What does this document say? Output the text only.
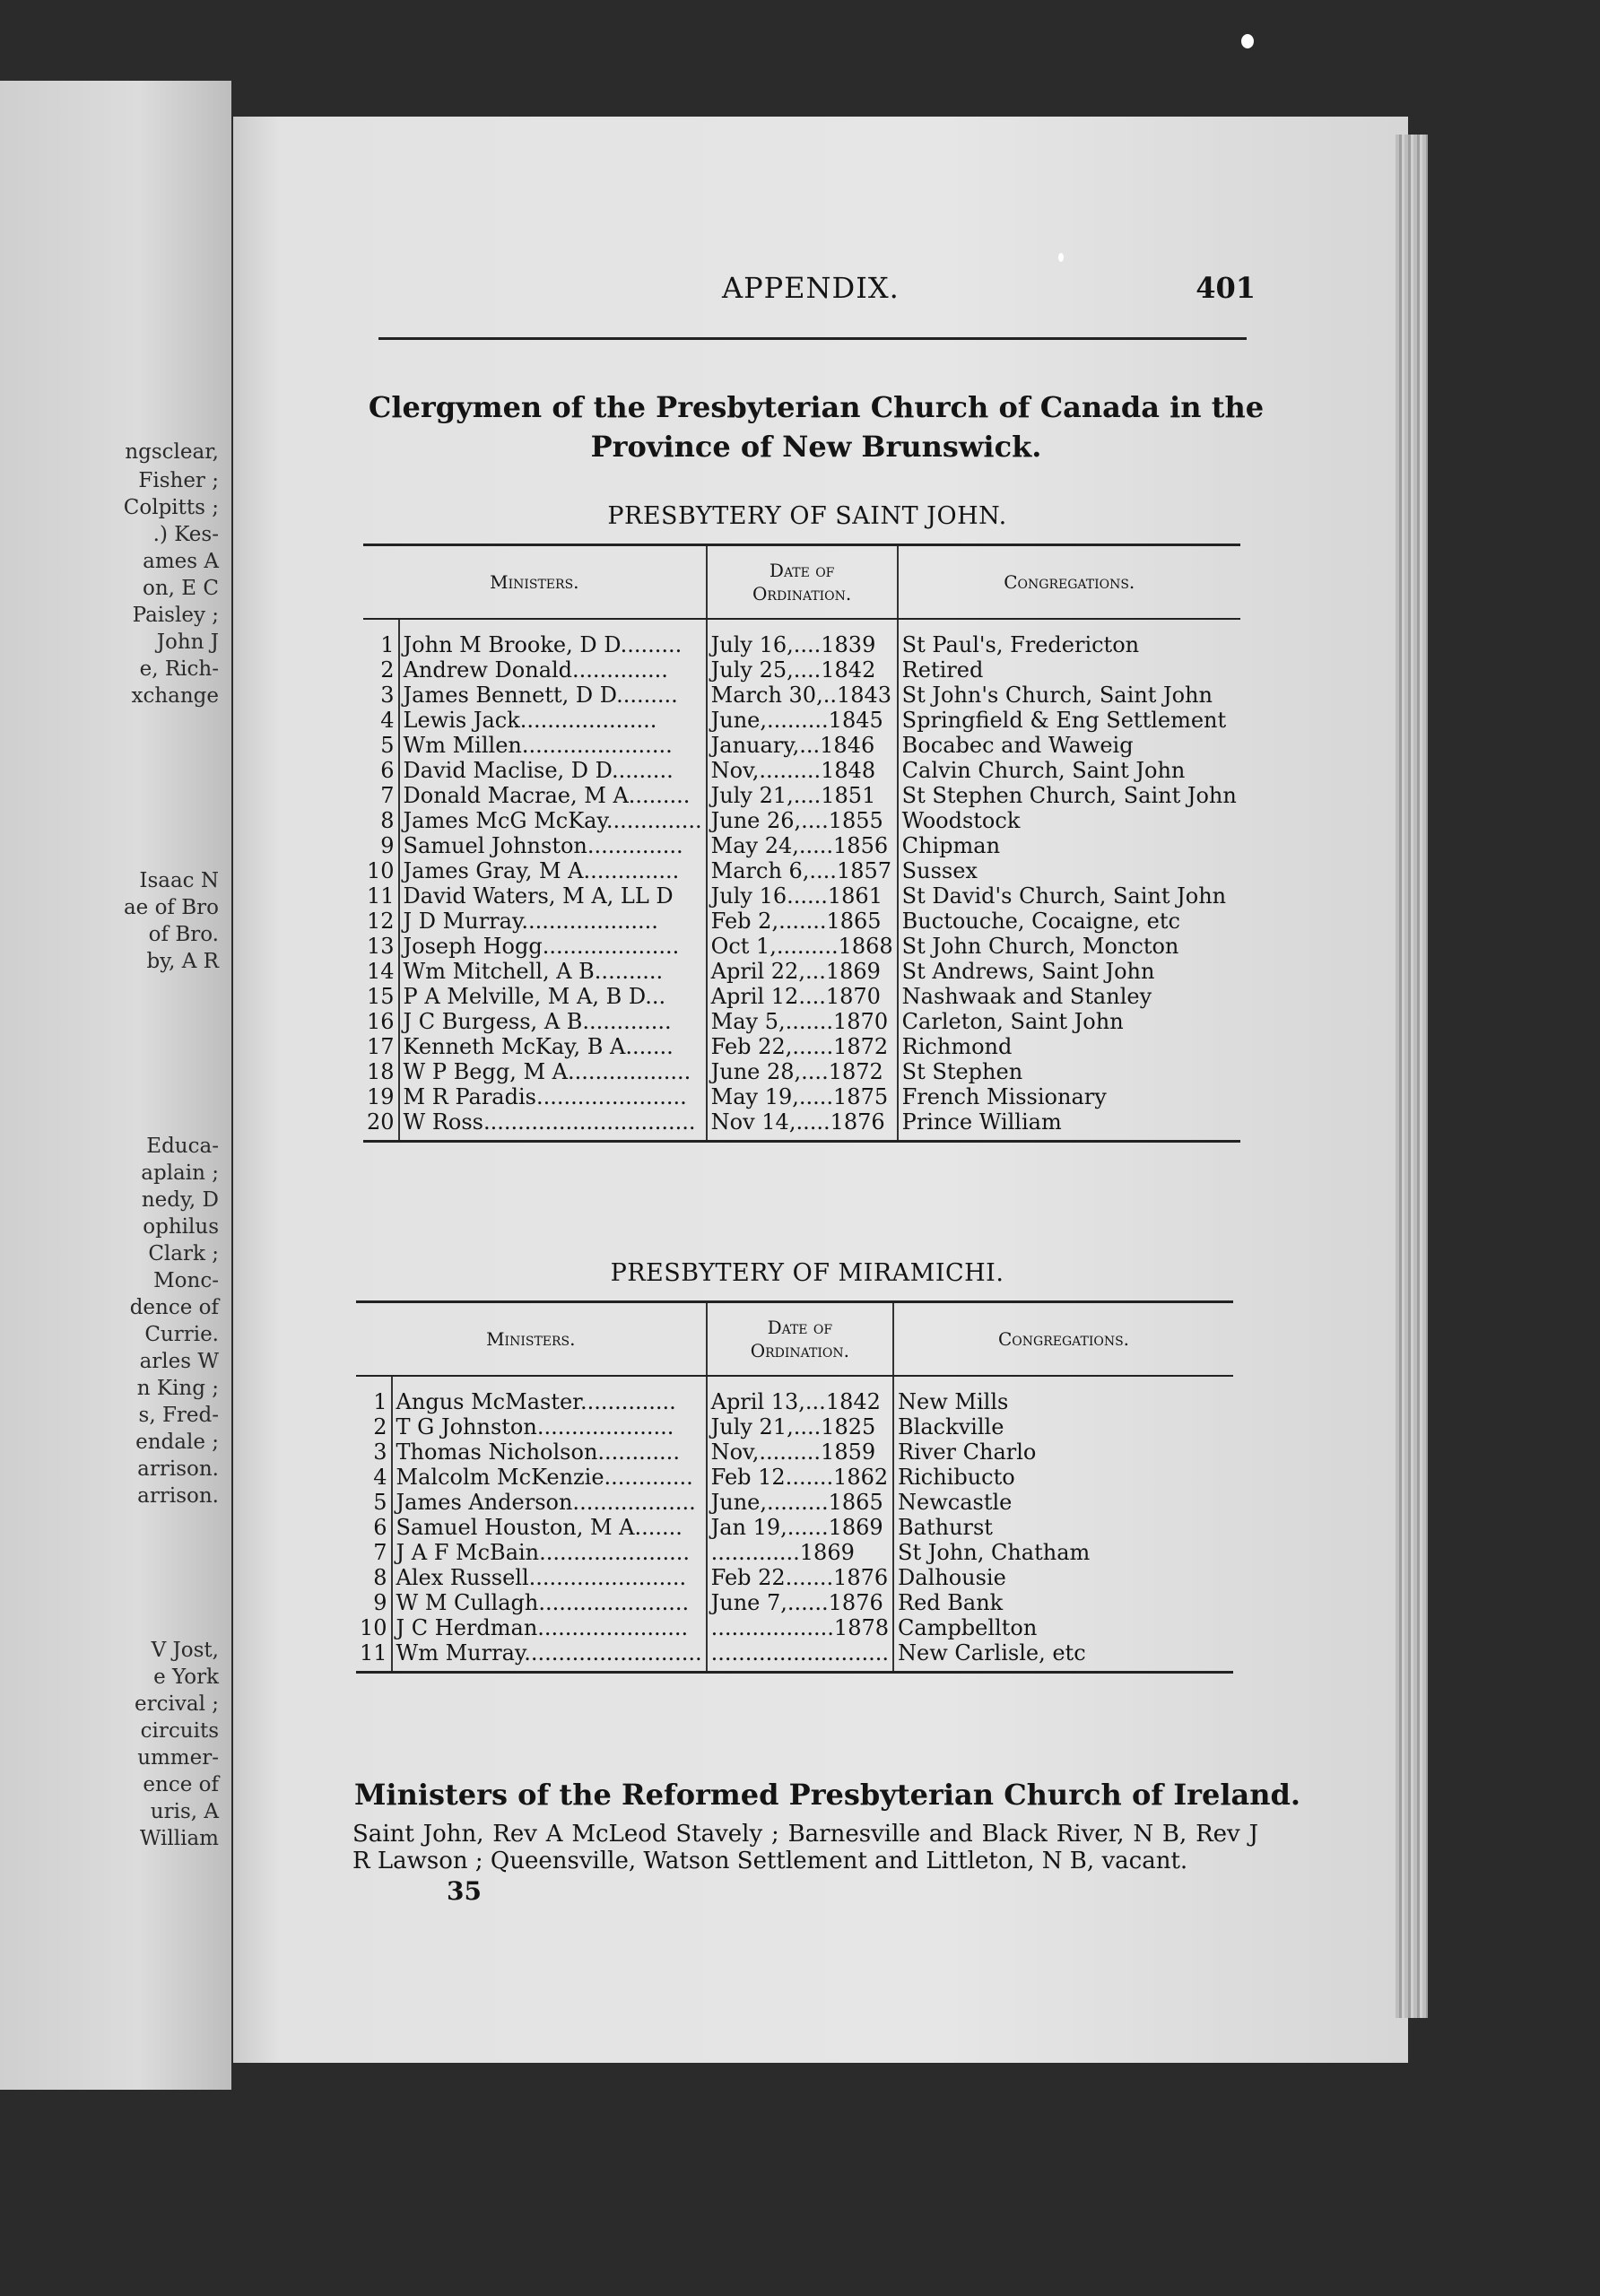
ngsclear,
Fisher ;
Colpitts ;
.) Kes-
ames A
on, E C
Paisley ;
John J
e, Rich-
xchange
Isaac N
ae of Bro
of Bro.
by, A R
Educa-
aplain ;
nedy, D
ophilus
Clark ;
Monc-
dence of
Currie.
arles W
n King ;
s, Fred-
endale ;
arrison.
arrison.
V Jost,
e York
ercival ;
circuits
ummer-
ence of
uris, A
William
APPENDIX.	401
Clergymen of the Presbyterian Church of Canada in the
Province of New Brunswick.
PRESBYTERY OF SAINT JOHN.
Ministers.		Date of
Ordination.	Congregations.
1	John M Brooke, D D.........	July 16,....1839	St Paul's, Fredericton
2	Andrew Donald..............	July 25,....1842	Retired
3	James Bennett, D D.........	March 30,..1843	St John's Church, Saint John
4	Lewis Jack....................	June,.........1845	Springfield & Eng Settlement
5	Wm Millen......................	January,...1846	Bocabec and Waweig
6	David Maclise, D D.........	Nov,.........1848	Calvin Church, Saint John
7	Donald Macrae, M A.........	July 21,....1851	St Stephen Church, Saint John
8	James McG McKay..............	June 26,....1855	Woodstock
9	Samuel Johnston..............	May 24,.....1856	Chipman
10	James Gray, M A..............	March 6,....1857	Sussex
11	David Waters, M A, LL D	July 16......1861	St David's Church, Saint John
12	J D Murray....................	Feb 2,.......1865	Buctouche, Cocaigne, etc
13	Joseph Hogg....................	Oct 1,.........1868	St John Church, Moncton
14	Wm Mitchell, A B..........	April 22,...1869	St Andrews, Saint John
15	P A Melville, M A, B D...	April 12....1870	Nashwaak and Stanley
16	J C Burgess, A B.............	May 5,.......1870	Carleton, Saint John
17	Kenneth McKay, B A.......	Feb 22,......1872	Richmond
18	W P Begg, M A..................	June 28,....1872	St Stephen
19	M R Paradis......................	May 19,.....1875	French Missionary
20	W Ross...............................	Nov 14,.....1876	Prince William
PRESBYTERY OF MIRAMICHI.
Ministers.		Date of
Ordination.	Congregations.
1	Angus McMaster..............	April 13,...1842	New Mills
2	T G Johnston....................	July 21,....1825	Blackville
3	Thomas Nicholson............	Nov,.........1859	River Charlo
4	Malcolm McKenzie.............	Feb 12.......1862	Richibucto
5	James Anderson..................	June,.........1865	Newcastle
6	Samuel Houston, M A.......	Jan 19,......1869	Bathurst
7	J A F McBain......................	.............1869	St John, Chatham
8	Alex Russell.......................	Feb 22.......1876	Dalhousie
9	W M Cullagh......................	June 7,......1876	Red Bank
10	J C Herdman......................	..................1878	Campbellton
11	Wm Murray..........................	..........................	New Carlisle, etc
Ministers of the Reformed Presbyterian Church of Ireland.
Saint John, Rev A McLeod Stavely ; Barnesville and Black River, N B, Rev J R Lawson ; Queensville, Watson Settlement and Littleton, N B, vacant.
35
